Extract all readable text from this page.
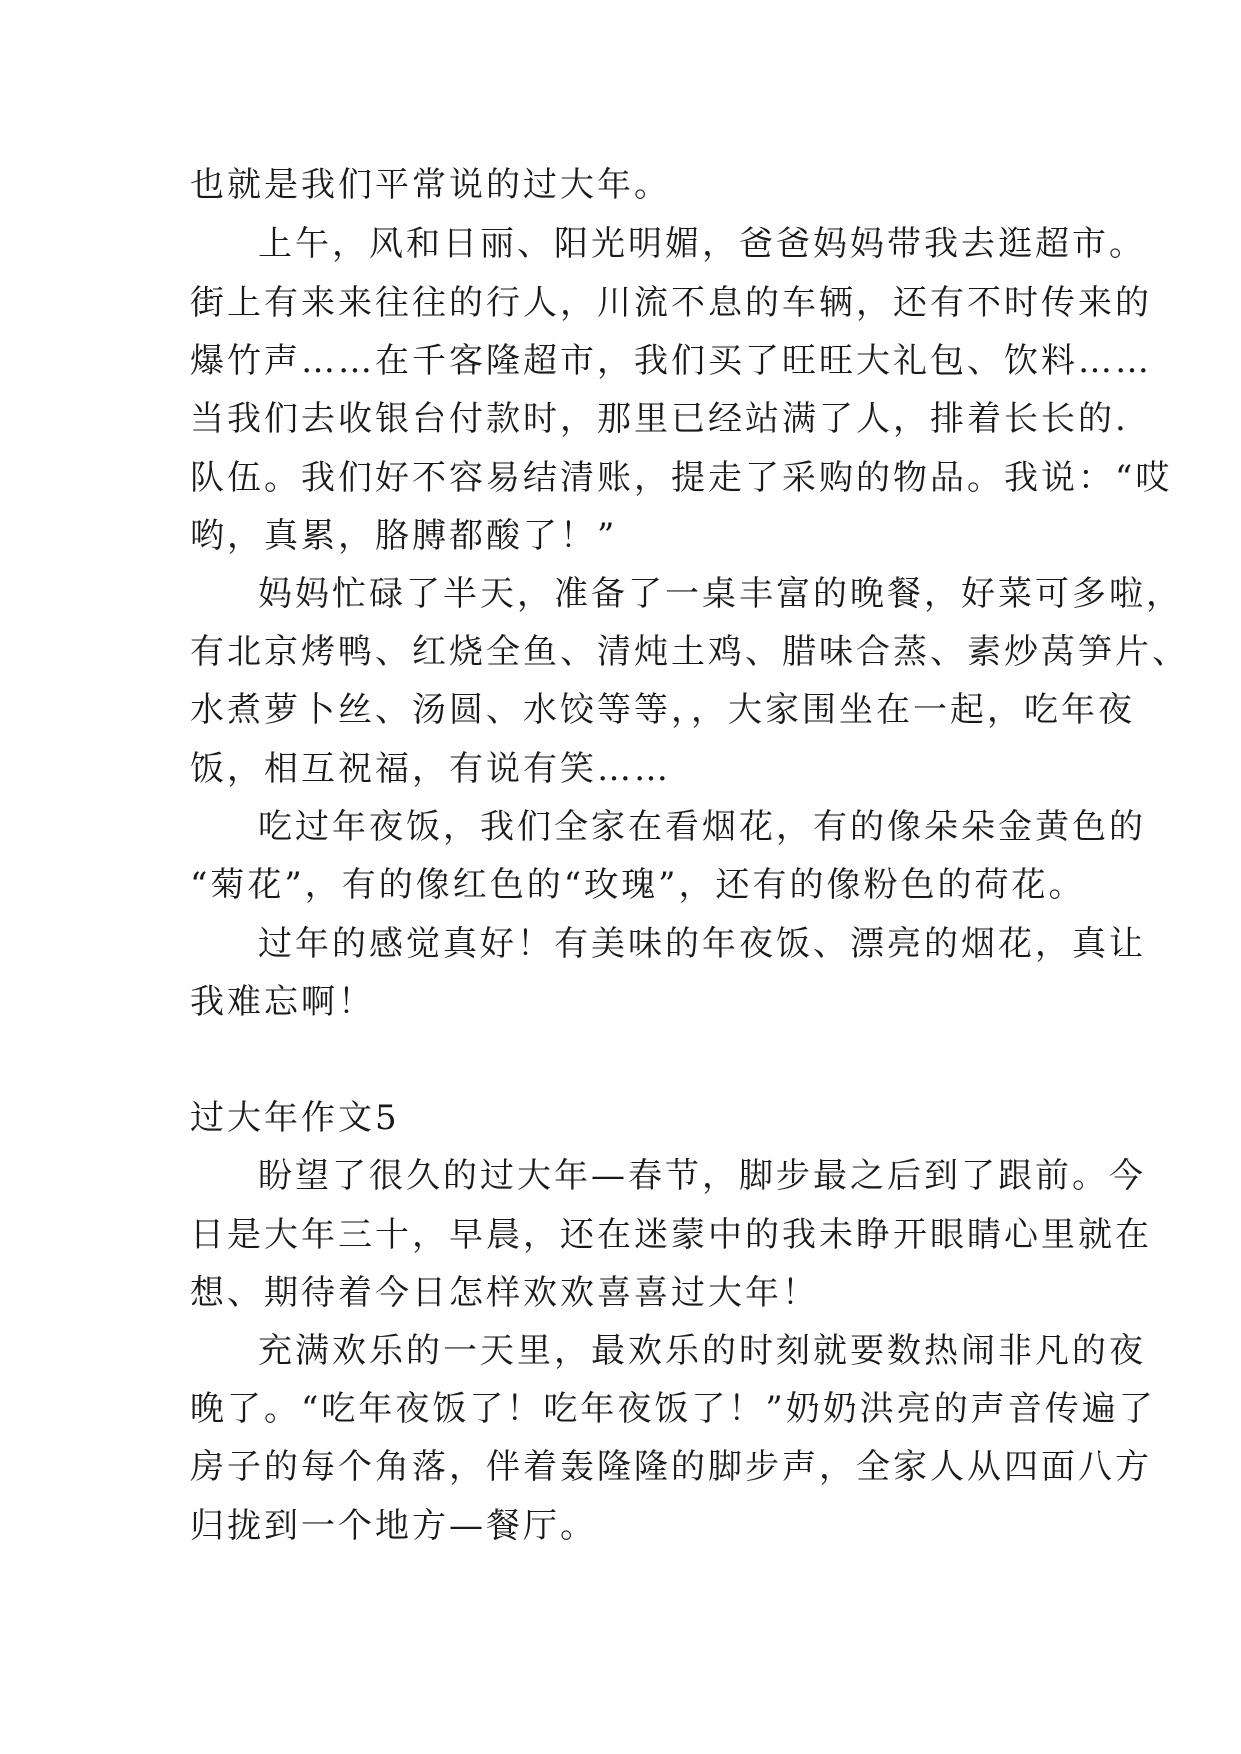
也就是我们平常说的过大年。
上午，风和日丽、阳光明媚，爸爸妈妈带我去逛超市。
街上有来来往往的行人，川流不息的车辆，还有不时传来的
爆竹声……在千客隆超市，我们买了旺旺大礼包、饮料……
当我们去收银台付款时，那里已经站满了人，排着长长的.
队伍。我们好不容易结清账，提走了采购的物品。我说：“哎
哟，真累，胳膊都酸了！”
妈妈忙碌了半天，准备了一桌丰富的晚餐，好菜可多啦，
有北京烤鸭、红烧全鱼、清炖土鸡、腊味合蒸、素炒莴笋片、
水煮萝卜丝、汤圆、水饺等等，，大家围坐在一起，吃年夜
饭，相互祝福，有说有笑……
吃过年夜饭，我们全家在看烟花，有的像朵朵金黄色的
“菊花”，有的像红色的“玫瑰”，还有的像粉色的荷花。
过年的感觉真好！有美味的年夜饭、漂亮的烟花，真让
我难忘啊！
过大年作文5
盼望了很久的过大年—春节，脚步最之后到了跟前。今
日是大年三十，早晨，还在迷蒙中的我未睁开眼睛心里就在
想、期待着今日怎样欢欢喜喜过大年！
充满欢乐的一天里，最欢乐的时刻就要数热闹非凡的夜
晚了。“吃年夜饭了！吃年夜饭了！”奶奶洪亮的声音传遍了
房子的每个角落，伴着轰隆隆的脚步声，全家人从四面八方
归拢到一个地方—餐厅。
